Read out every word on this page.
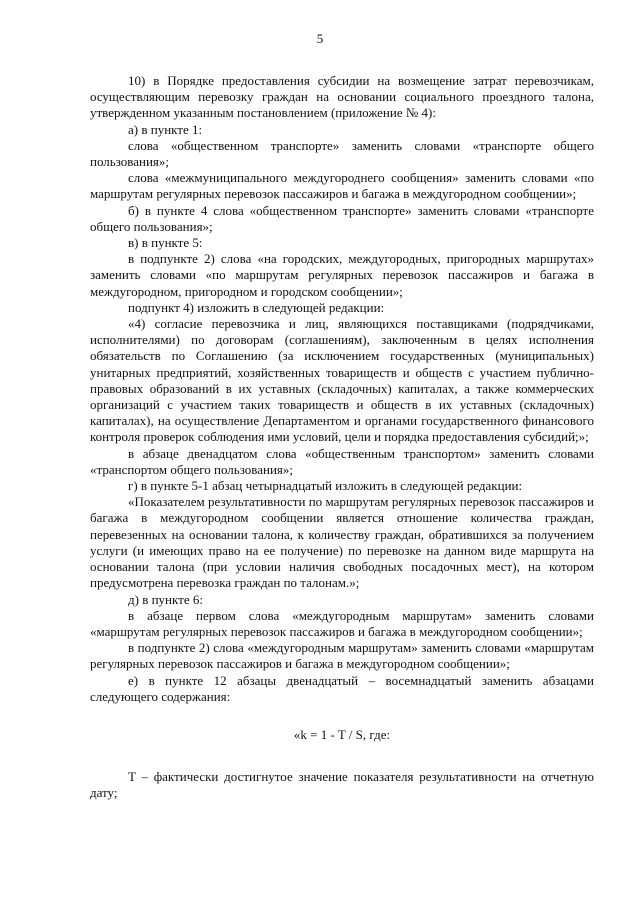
5

10) в Порядке предоставления субсидии на возмещение затрат перевозчикам, осуществляющим перевозку граждан на основании социального проездного талона, утвержденном указанным постановлением (приложение № 4):

а) в пункте 1:

слова «общественном транспорте» заменить словами «транспорте общего пользования»;

слова «межмуниципального междугороднего сообщения» заменить словами «по маршрутам регулярных перевозок пассажиров и багажа в междугородном сообщении»;

б) в пункте 4 слова «общественном транспорте» заменить словами «транспорте общего пользования»;

в) в пункте 5:

в подпункте 2) слова «на городских, междугородных, пригородных маршрутах» заменить словами «по маршрутам регулярных перевозок пассажиров и багажа в междугородном, пригородном и городском сообщении»;

подпункт 4) изложить в следующей редакции:

«4) согласие перевозчика и лиц, являющихся поставщиками (подрядчиками, исполнителями) по договорам (соглашениям), заключенным в целях исполнения обязательств по Соглашению (за исключением государственных (муниципальных) унитарных предприятий, хозяйственных товариществ и обществ с участием публично-правовых образований в их уставных (складочных) капиталах, а также коммерческих организаций с участием таких товариществ и обществ в их уставных (складочных) капиталах), на осуществление Департаментом и органами государственного финансового контроля проверок соблюдения ими условий, цели и порядка предоставления субсидий;»;

в абзаце двенадцатом слова «общественным транспортом» заменить словами «транспортом общего пользования»;

г) в пункте 5-1 абзац четырнадцатый изложить в следующей редакции:

«Показателем результативности по маршрутам регулярных перевозок пассажиров и багажа в междугородном сообщении является отношение количества граждан, перевезенных на основании талона, к количеству граждан, обратившихся за получением услуги (и имеющих право на ее получение) по перевозке на данном виде маршрута на основании талона (при условии наличия свободных посадочных мест), на котором предусмотрена перевозка граждан по талонам.»;

д) в пункте 6:

в абзаце первом слова «междугородным маршрутам» заменить словами «маршрутам регулярных перевозок пассажиров и багажа в междугородном сообщении»;

в подпункте 2) слова «междугородным маршрутам» заменить словами «маршрутам регулярных перевозок пассажиров и багажа в междугородном сообщении»;

е) в пункте 12 абзацы двенадцатый – восемнадцатый заменить абзацами следующего содержания:

«k = 1 - T / S, где:

T – фактически достигнутое значение показателя результативности на отчетную дату;
